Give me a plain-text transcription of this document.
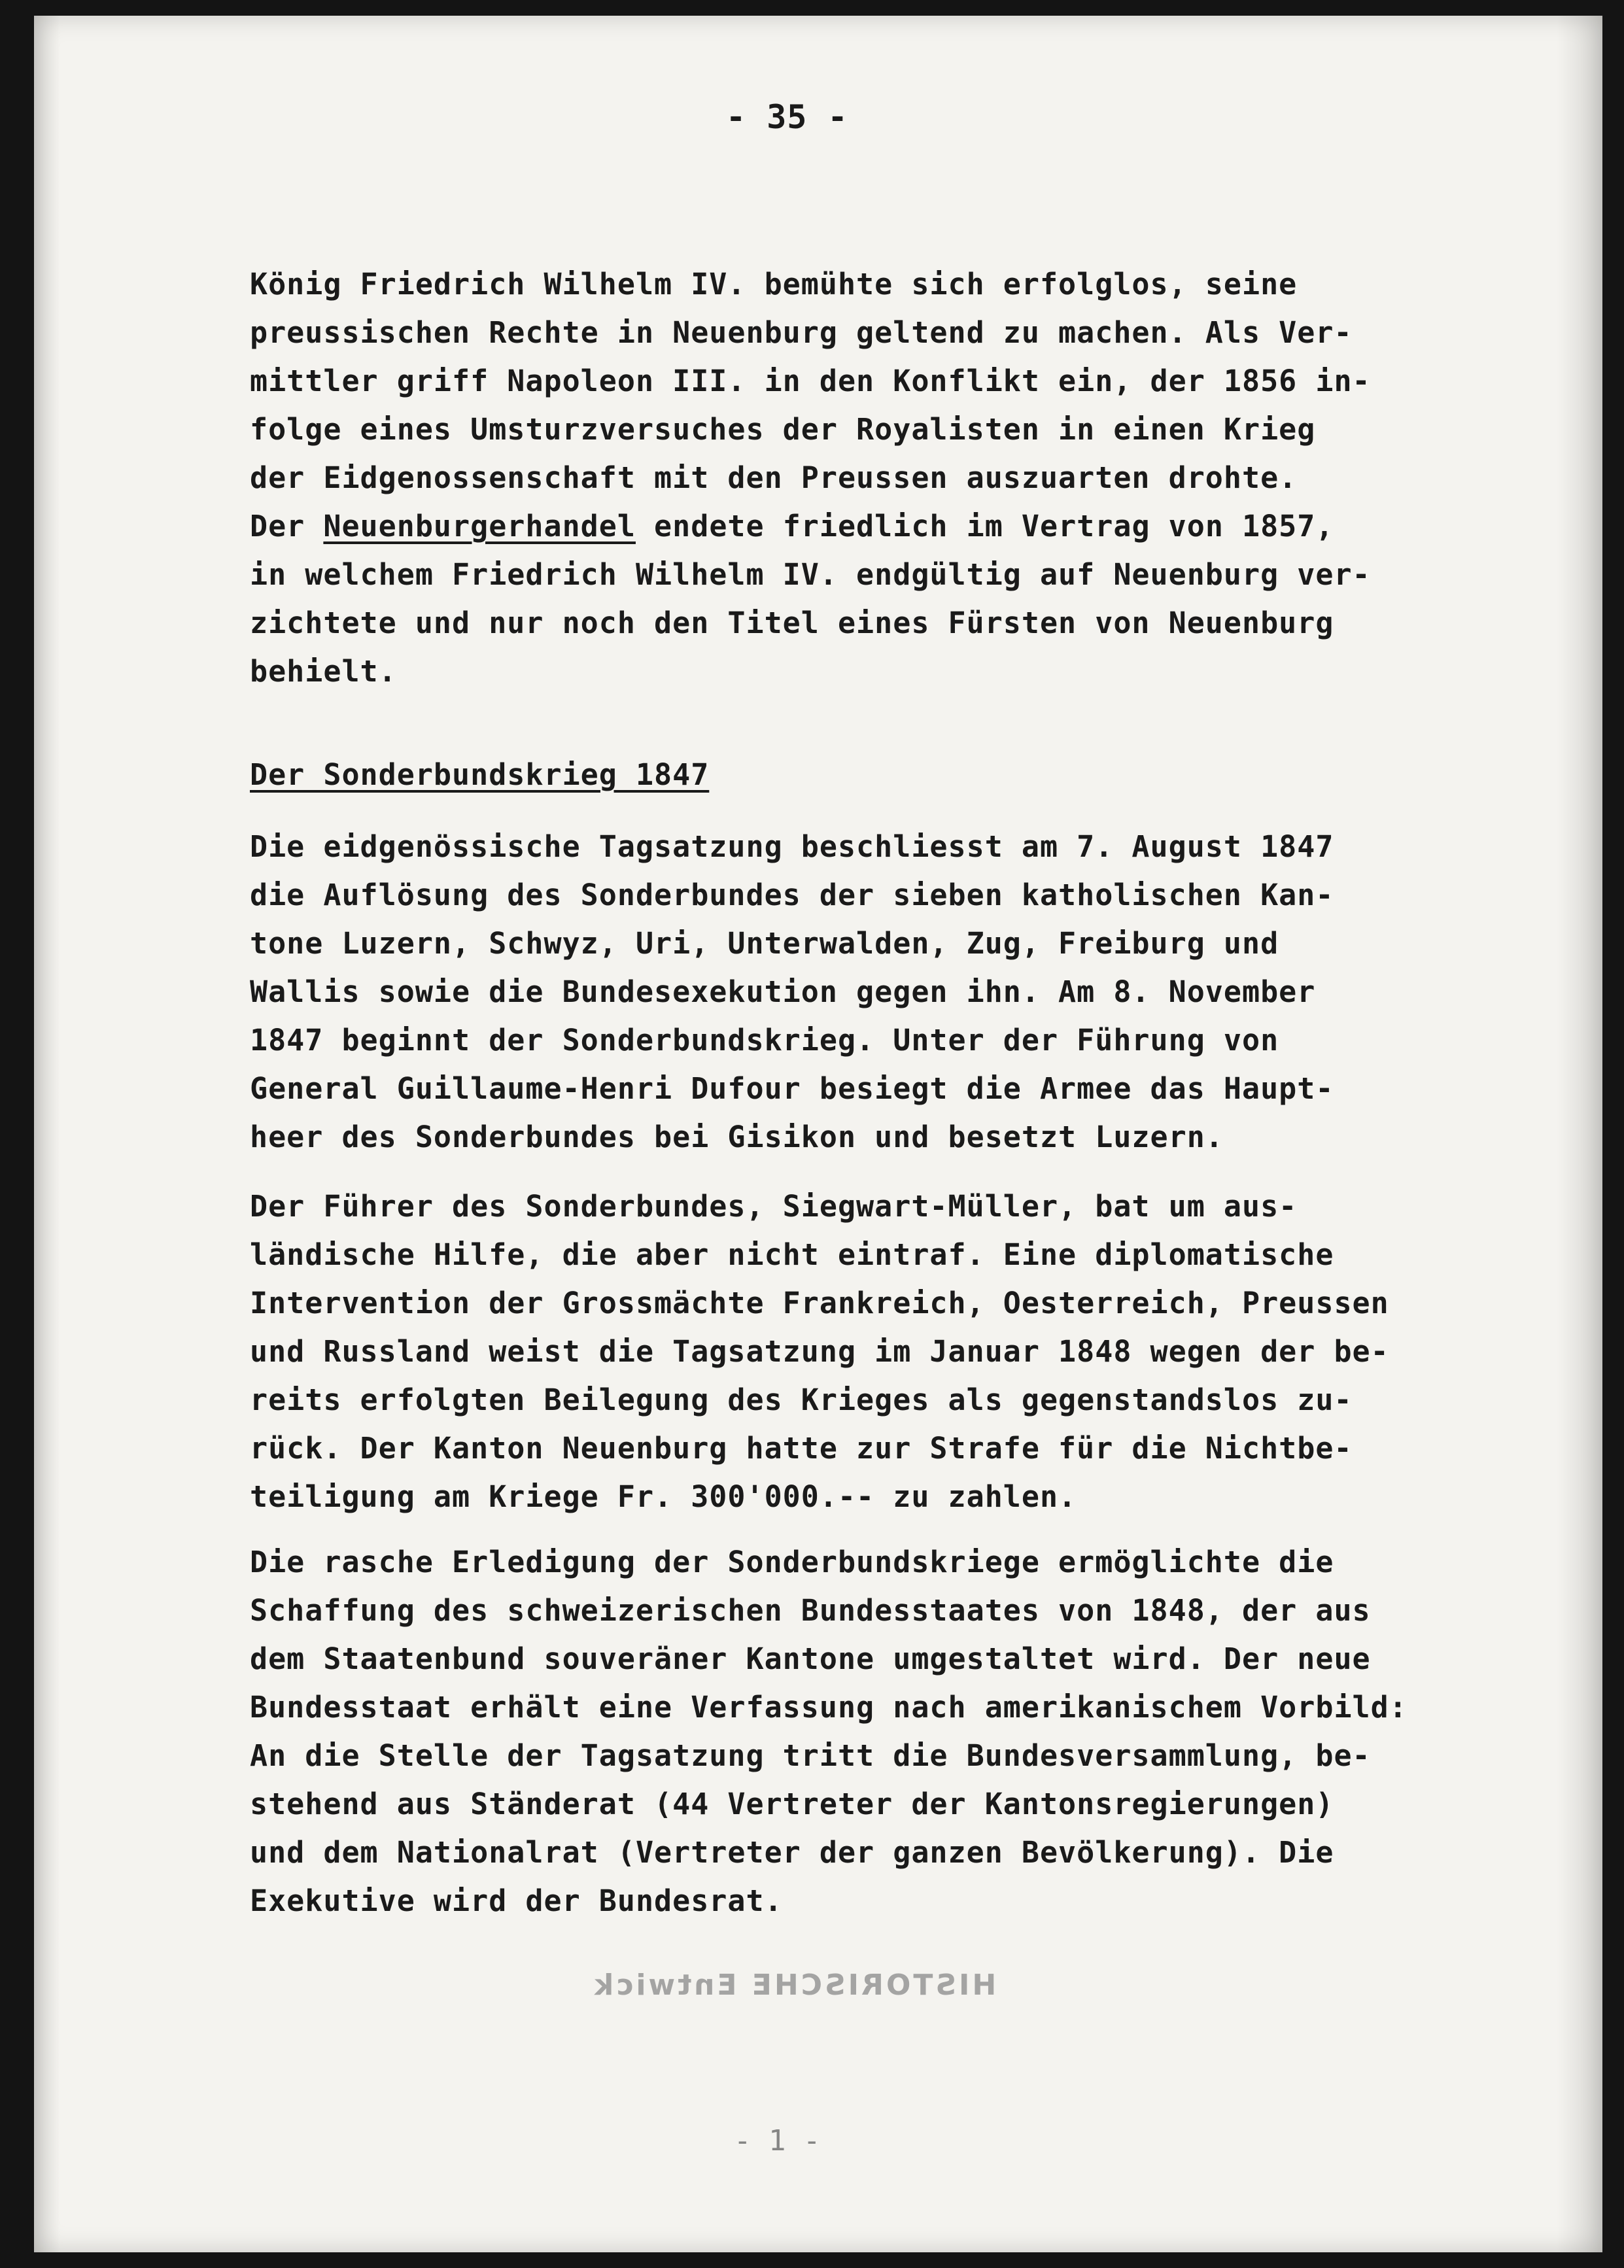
- 35 -
König Friedrich Wilhelm IV. bemühte sich erfolglos, seine
preussischen Rechte in Neuenburg geltend zu machen. Als Ver-
mittler griff Napoleon III. in den Konflikt ein, der 1856 in-
folge eines Umsturzversuches der Royalisten in einen Krieg
der Eidgenossenschaft mit den Preussen auszuarten drohte.
Der Neuenburgerhandel endete friedlich im Vertrag von 1857,
in welchem Friedrich Wilhelm IV. endgültig auf Neuenburg ver-
zichtete und nur noch den Titel eines Fürsten von Neuenburg
behielt.
Der Sonderbundskrieg 1847
Die eidgenössische Tagsatzung beschliesst am 7. August 1847
die Auflösung des Sonderbundes der sieben katholischen Kan-
tone Luzern, Schwyz, Uri, Unterwalden, Zug, Freiburg und
Wallis sowie die Bundesexekution gegen ihn. Am 8. November
1847 beginnt der Sonderbundskrieg. Unter der Führung von
General Guillaume-Henri Dufour besiegt die Armee das Haupt-
heer des Sonderbundes bei Gisikon und besetzt Luzern.
Der Führer des Sonderbundes, Siegwart-Müller, bat um aus-
ländische Hilfe, die aber nicht eintraf. Eine diplomatische
Intervention der Grossmächte Frankreich, Oesterreich, Preussen
und Russland weist die Tagsatzung im Januar 1848 wegen der be-
reits erfolgten Beilegung des Krieges als gegenstandslos zu-
rück. Der Kanton Neuenburg hatte zur Strafe für die Nichtbe-
teiligung am Kriege Fr. 300'000.-- zu zahlen.
Die rasche Erledigung der Sonderbundskriege ermöglichte die
Schaffung des schweizerischen Bundesstaates von 1848, der aus
dem Staatenbund souveräner Kantone umgestaltet wird. Der neue
Bundesstaat erhält eine Verfassung nach amerikanischem Vorbild:
An die Stelle der Tagsatzung tritt die Bundesversammlung, be-
stehend aus Ständerat (44 Vertreter der Kantonsregierungen)
und dem Nationalrat (Vertreter der ganzen Bevölkerung). Die
Exekutive wird der Bundesrat.
HISTORISCHE Entwick
- 1 -
